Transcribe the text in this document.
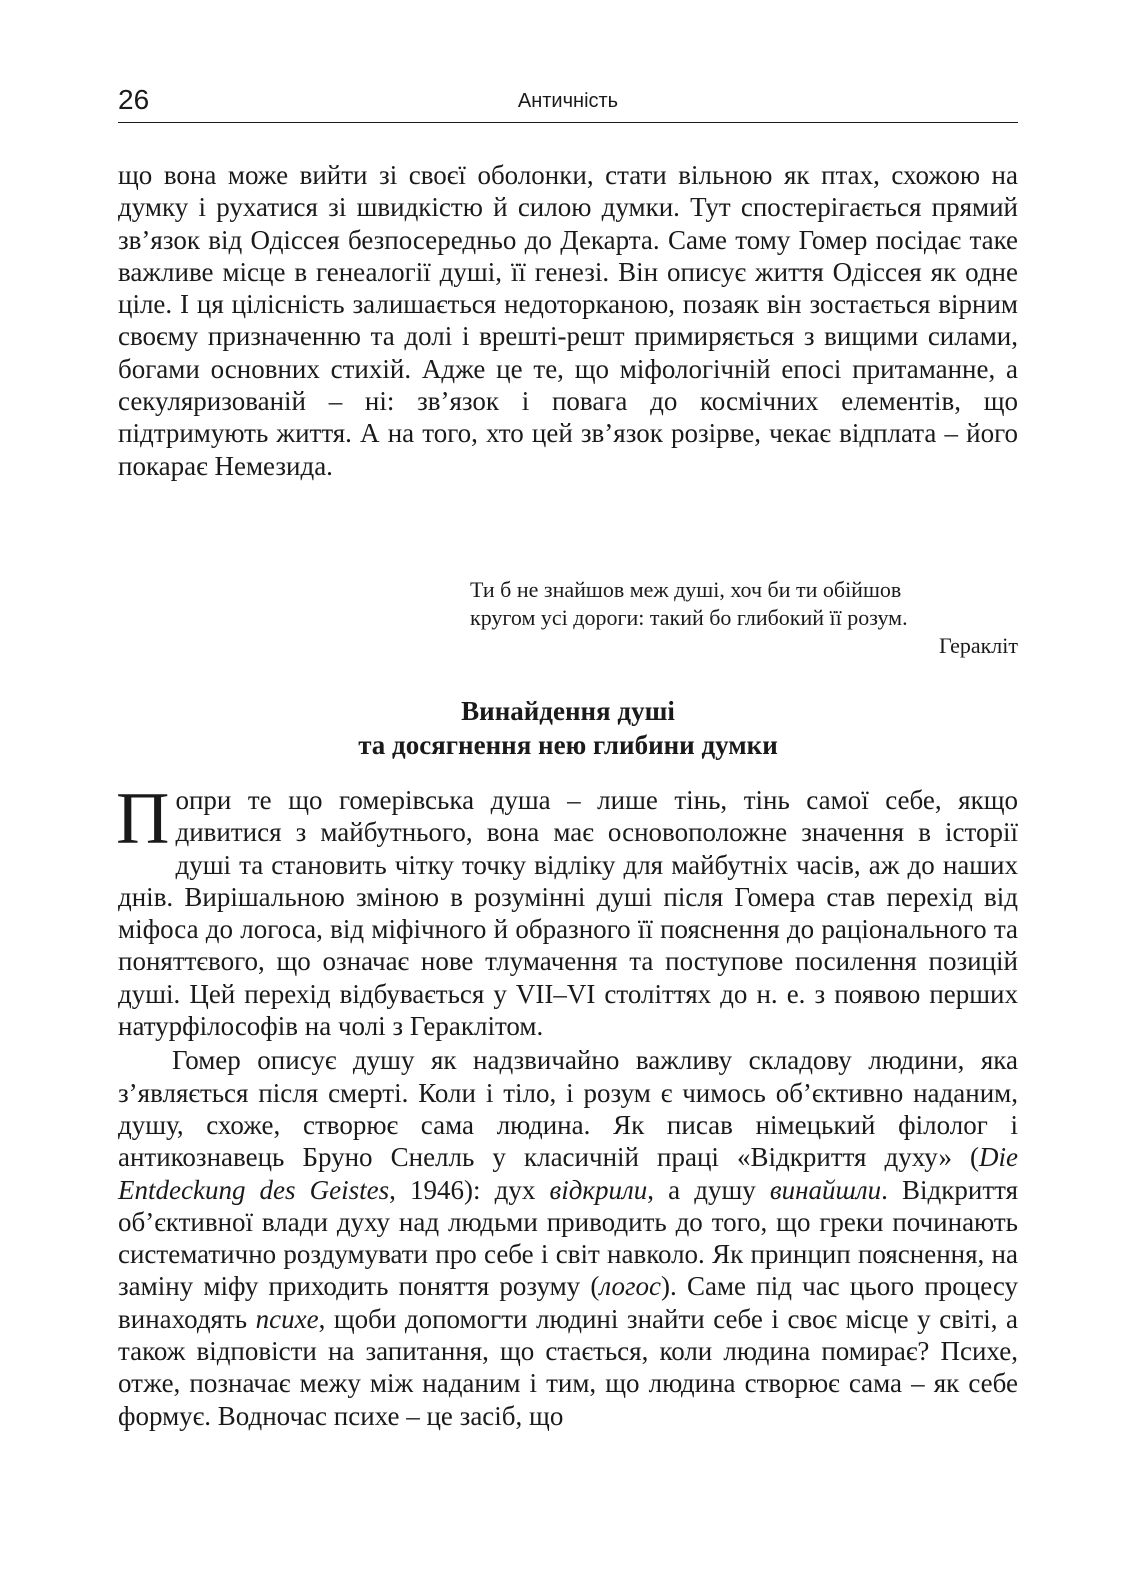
26	Античність

що вона може вийти зі своєї оболонки, стати вільною як птах, схожою на думку і рухатися зі швидкістю й силою думки. Тут спостерігається прямий зв’язок від Одіссея безпосередньо до Декарта. Саме тому Гомер посідає таке важливе місце в генеалогії душі, її генезі. Він описує життя Одіссея як одне ціле. І ця цілісність залишається недоторканою, позаяк він зостається вірним своєму призначенню та долі і врешті-решт примиряється з вищими силами, богами основних стихій. Адже це те, що міфологічній епосі притаманне, а секуляризованій – ні: зв’язок і повага до космічних елементів, що підтримують життя. А на того, хто цей зв’язок розірве, чекає відплата – його покарає Немезида.

Ти б не знайшов меж душі, хоч би ти обійшов
кругом усі дороги: такий бо глибокий її розум.
Геракліт
Винайдення душі
та досягнення нею глибини думки

Попри те що гомерівська душа – лише тінь, тінь самої себе, якщо дивитися з майбутнього, вона має основоположне значення в історії душі та становить чітку точку відліку для майбутніх часів, аж до наших днів. Вирішальною зміною в розумінні душі після Гомера став перехід від міфоса до логоса, від міфічного й образного її пояснення до раціонального та поняттєвого, що означає нове тлумачення та поступове посилення позицій душі. Цей перехід відбувається у VII–VI століттях до н. е. з появою перших натурфілософів на чолі з Гераклітом.

Гомер описує душу як надзвичайно важливу складову людини, яка з’являється після смерті. Коли і тіло, і розум є чимось об’єктивно наданим, душу, схоже, створює сама людина. Як писав німецький філолог і антикознавець Бруно Снелль у класичній праці «Відкриття духу» (Die Entdeckung des Geistes, 1946): дух відкрили, а душу винайшли. Відкриття об’єктивної влади духу над людьми приводить до того, що греки починають систематично роздумувати про себе і світ навколо. Як принцип пояснення, на заміну міфу приходить поняття розуму (логос). Саме під час цього процесу винаходять психе, щоби допомогти людині знайти себе і своє місце у світі, а також відповісти на запитання, що стається, коли людина помирає? Психе, отже, позначає межу між наданим і тим, що людина створює сама – як себе формує. Водночас психе – це засіб, що
